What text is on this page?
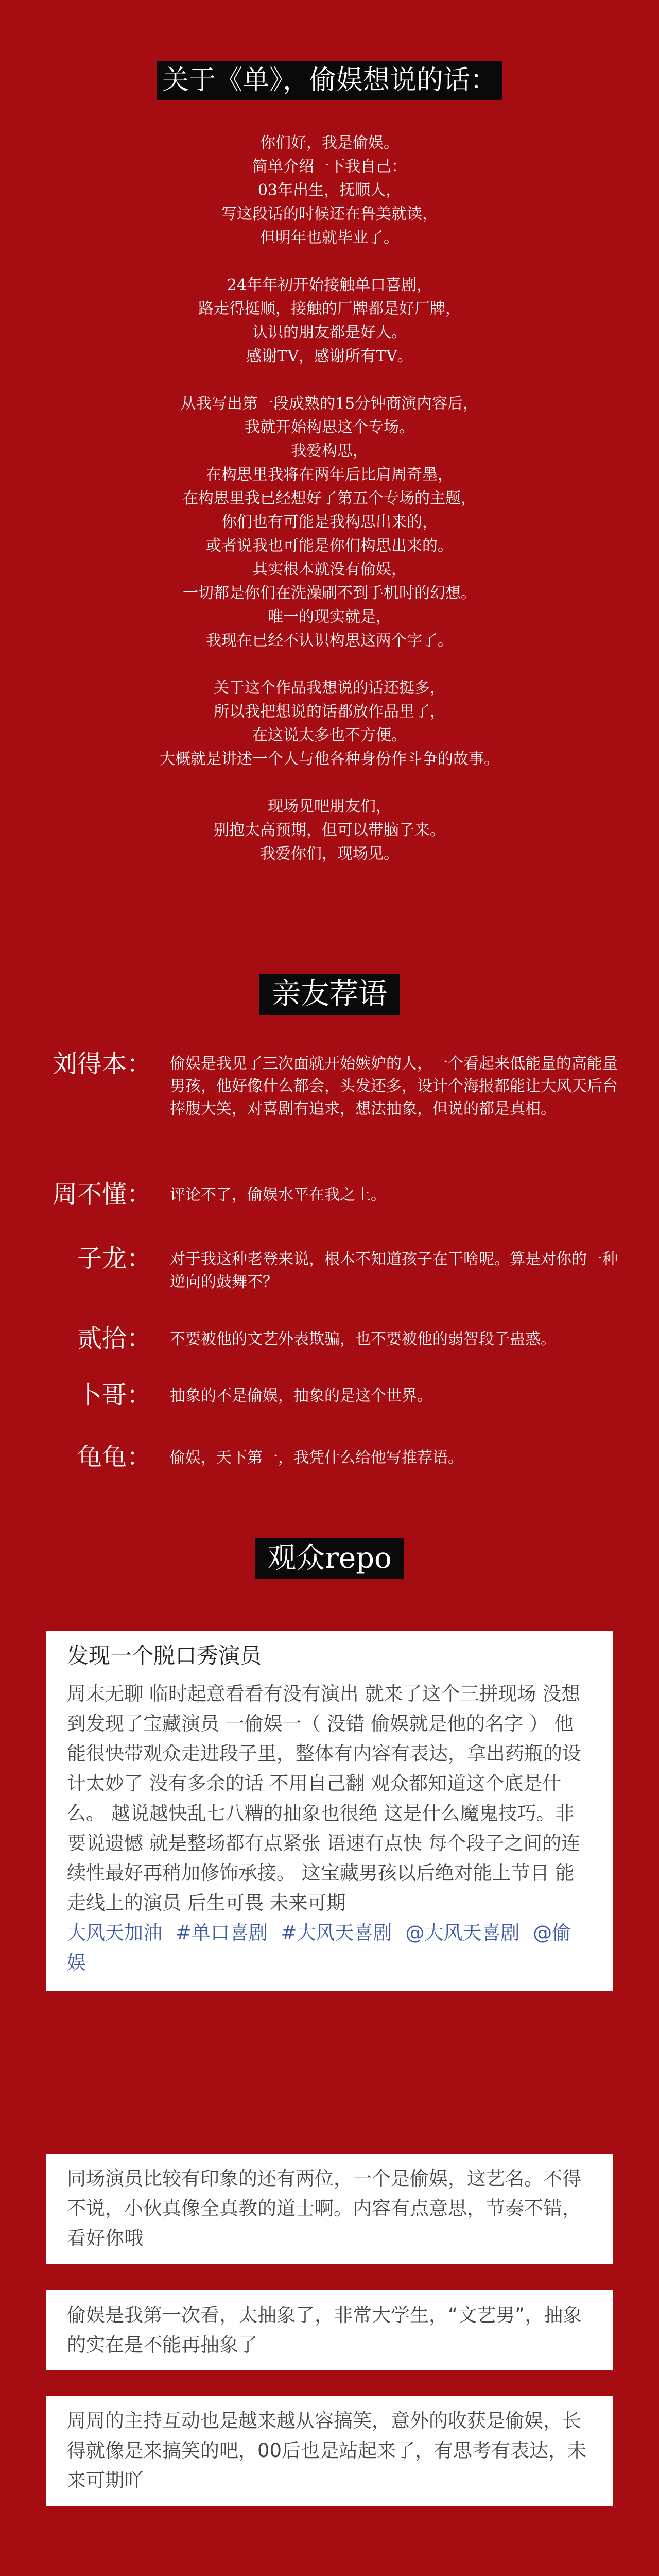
关于《单》，偷娱想说的话：

你们好，我是偷娱。

简单介绍一下我自己：

03年出生，抚顺人，

写这段话的时候还在鲁美就读，

但明年也就毕业了。

24年年初开始接触单口喜剧，

路走得挺顺，接触的厂牌都是好厂牌，

认识的朋友都是好人。

感谢TV，感谢所有TV。

从我写出第一段成熟的15分钟商演内容后，

我就开始构思这个专场。

我爱构思，

在构思里我将在两年后比肩周奇墨，

在构思里我已经想好了第五个专场的主题，

你们也有可能是我构思出来的，

或者说我也可能是你们构思出来的。

其实根本就没有偷娱，

一切都是你们在洗澡刷不到手机时的幻想。

唯一的现实就是，

我现在已经不认识构思这两个字了。

关于这个作品我想说的话还挺多，

所以我把想说的话都放作品里了，

在这说太多也不方便。

大概就是讲述一个人与他各种身份作斗争的故事。

现场见吧朋友们，

别抱太高预期，但可以带脑子来。

我爱你们，现场见。

亲友荐语
刘得本： 偷娱是我见了三次面就开始嫉妒的人，一个看起来低能量的高能量男孩，他好像什么都会，头发还多，设计个海报都能让大风天后台捧腹大笑，对喜剧有追求，想法抽象，但说的都是真相。
周不懂： 评论不了，偷娱水平在我之上。
子龙： 对于我这种老登来说，根本不知道孩子在干啥呢。算是对你的一种逆向的鼓舞不？
贰拾： 不要被他的文艺外表欺骗，也不要被他的弱智段子蛊惑。
卜哥： 抽象的不是偷娱，抽象的是这个世界。
龟龟： 偷娱，天下第一，我凭什么给他写推荐语。
观众repo

发现一个脱口秀演员

周末无聊 临时起意看看有没有演出 就来了这个三拼现场 没想到发现了宝藏演员 一偷娱一（ 没错 偷娱就是他的名字 ） 他能很快带观众走进段子里，整体有内容有表达，拿出药瓶的设计太妙了 没有多余的话 不用自己翻 观众都知道这个底是什么。 越说越快乱七八糟的抽象也很绝 这是什么魔鬼技巧。非要说遗憾 就是整场都有点紧张 语速有点快 每个段子之间的连续性最好再稍加修饰承接。 这宝藏男孩以后绝对能上节目 能走线上的演员 后生可畏 未来可期

大风天加油 #单口喜剧 #大风天喜剧 @大风天喜剧 @偷娱

同场演员比较有印象的还有两位，一个是偷娱，这艺名。不得不说，小伙真像全真教的道士啊。内容有点意思，节奏不错，看好你哦

偷娱是我第一次看，太抽象了，非常大学生，“文艺男”，抽象的实在是不能再抽象了

周周的主持互动也是越来越从容搞笑，意外的收获是偷娱，长得就像是来搞笑的吧，00后也是站起来了，有思考有表达，未来可期吖
